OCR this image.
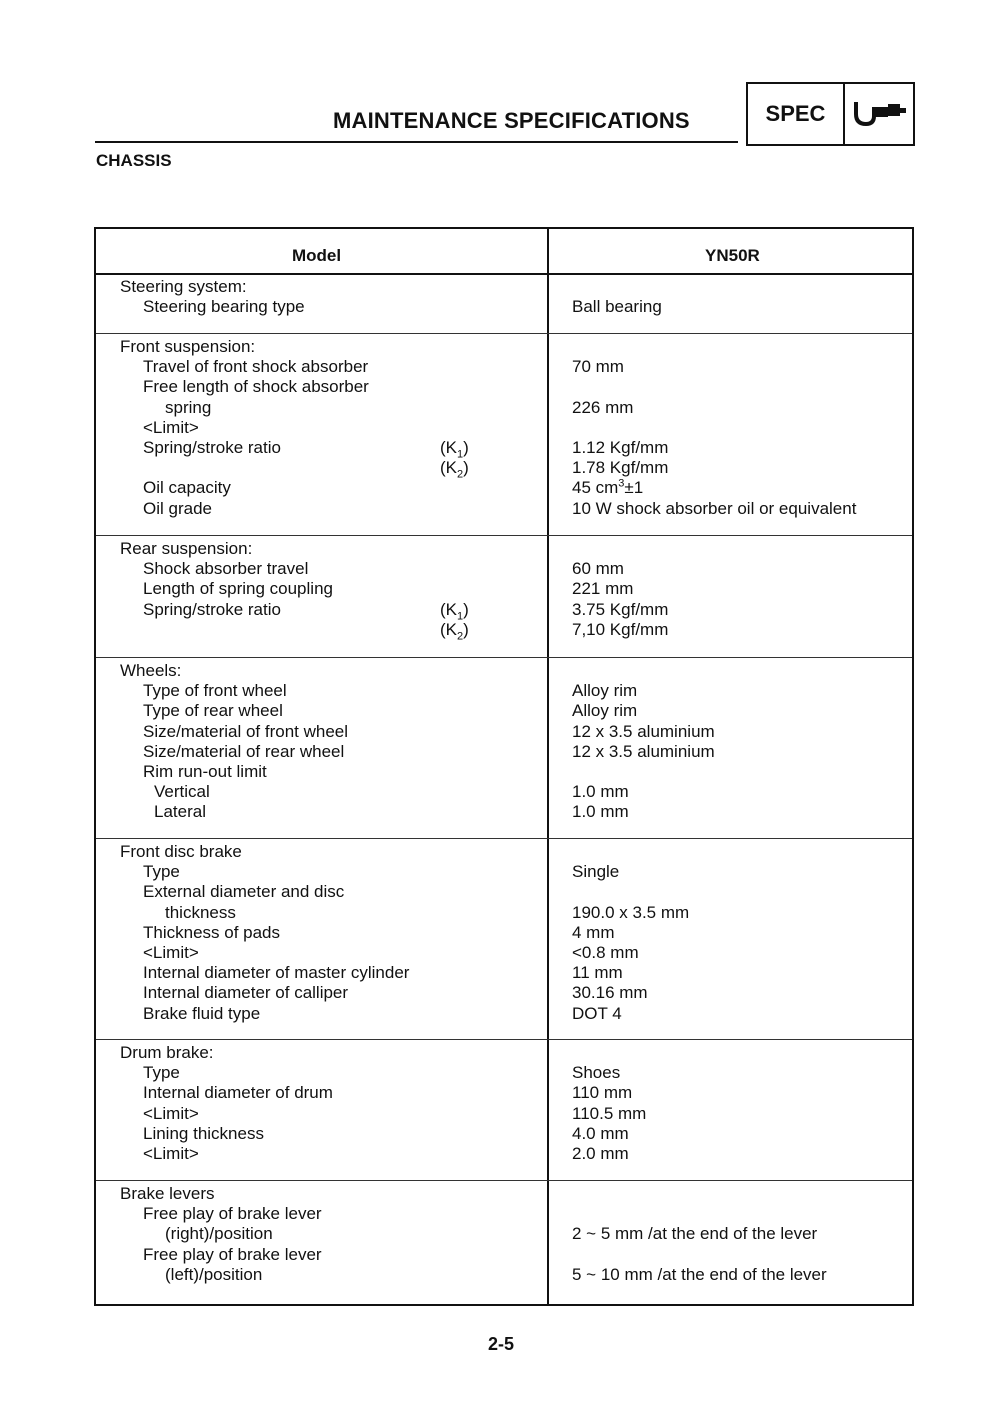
MAINTENANCE SPECIFICATIONS	SPEC
CHASSIS
Model	YN50R
Steering system:
Steering bearing type	Ball bearing
Front suspension:
Travel of front shock absorber	70 mm
Free length of shock absorber
spring	226 mm
<Limit>
Spring/stroke ratio	$(K_1)$	1.12 Kgf/mm
$(K_2)$	1.78 Kgf/mm
Oil capacity	45 $cm^3\pm 1$
Oil grade	10 W shock absorber oil or equivalent
Rear suspension:
Shock absorber travel	60 mm
Length of spring coupling	221 mm
Spring/stroke ratio	$(K_1)$	3.75 Kgf/mm
$(K_2)$	7,10 Kgf/mm
Wheels:
Type of front wheel	Alloy rim
Type of rear wheel	Alloy rim
Size/material of front wheel	12 x 3.5 aluminium
Size/material of rear wheel	12 x 3.5 aluminium
Rim run-out limit
Vertical	1.0 mm
Lateral	1.0 mm
Front disc brake
Type	Single
External diameter and disc
thickness	190.0 x 3.5 mm
Thickness of pads	4 mm
<Limit>	<0.8 mm
Internal diameter of master cylinder	11 mm
Internal diameter of calliper	30.16 mm
Brake fluid type	DOT 4
Drum brake:
Type	Shoes
Internal diameter of drum	110 mm
<Limit>	110.5 mm
Lining thickness	4.0 mm
<Limit>	2.0 mm
Brake levers
Free play of brake lever
(right)/position	2 ~ 5 mm /at the end of the lever
Free play of brake lever
(left)/position	5 ~ 10 mm /at the end of the lever
2-5
